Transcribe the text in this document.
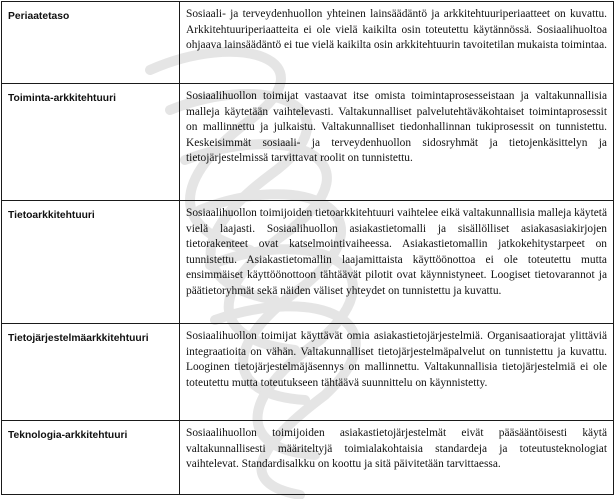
Periaatetaso	Sosiaali- ja terveydenhuollon yhteinen lainsäädäntö ja arkkitehtuuriperiaatteet on kuvattu. Arkkitehtuuriperiaatteita ei ole vielä kaikilta osin toteutettu käytännössä. Sosiaalihuoltoa ohjaava lainsäädäntö ei tue vielä kaikilta osin arkkitehtuurin tavoitetilan mukaista toimintaa.
Toiminta-arkkitehtuuri	Sosiaalihuollon toimijat vastaavat itse omista toimintaprosesseistaan ja valtakunnallisia malleja käytetään vaihtelevasti. Valtakunnalliset palvelutehtäväkohtaiset toimintaprosessit on mallinnettu ja julkaistu. Valtakunnalliset tiedonhallinnan tukiprosessit on tunnistettu. Keskeisimmät sosiaali- ja terveydenhuollon sidosryhmät ja tietojenkäsittelyn ja tietojärjestelmissä tarvittavat roolit on tunnistettu.
Tietoarkkitehtuuri	Sosiaalihuollon toimijoiden tietoarkkitehtuuri vaihtelee eikä valtakunnallisia malleja käytetä vielä laajasti. Sosiaalihuollon asiakastietomalli ja sisällölliset asiakasasiakirjojen tietorakenteet ovat katselmointivaiheessa. Asiakastietomallin jatkokehitystarpeet on tunnistettu. Asiakastietomallin laajamittaista käyttöönottoa ei ole toteutettu mutta ensimmäiset käyttöönottoon tähtäävät pilotit ovat käynnistyneet. Loogiset tietovarannot ja päätietoryhmät sekä näiden väliset yhteydet on tunnistettu ja kuvattu.
Tietojärjestelmäarkkitehtuuri	Sosiaalihuollon toimijat käyttävät omia asiakastietojärjestelmiä. Organisaatiorajat ylittäviä integraatioita on vähän. Valtakunnalliset tietojärjestelmäpalvelut on tunnistettu ja kuvattu. Looginen tietojärjestelmäjäsennys on mallinnettu. Valtakunnallisia tietojärjestelmiä ei ole toteutettu mutta toteutukseen tähtäävä suunnittelu on käynnistetty.
Teknologia-arkkitehtuuri	Sosiaalihuollon toimijoiden asiakastietojärjestelmät eivät pääsääntöisesti käytä valtakunnallisesti määriteltyjä toimialakohtaisia standardeja ja toteutusteknologiat vaihtelevat. Standardisalkku on koottu ja sitä päivitetään tarvittaessa.
